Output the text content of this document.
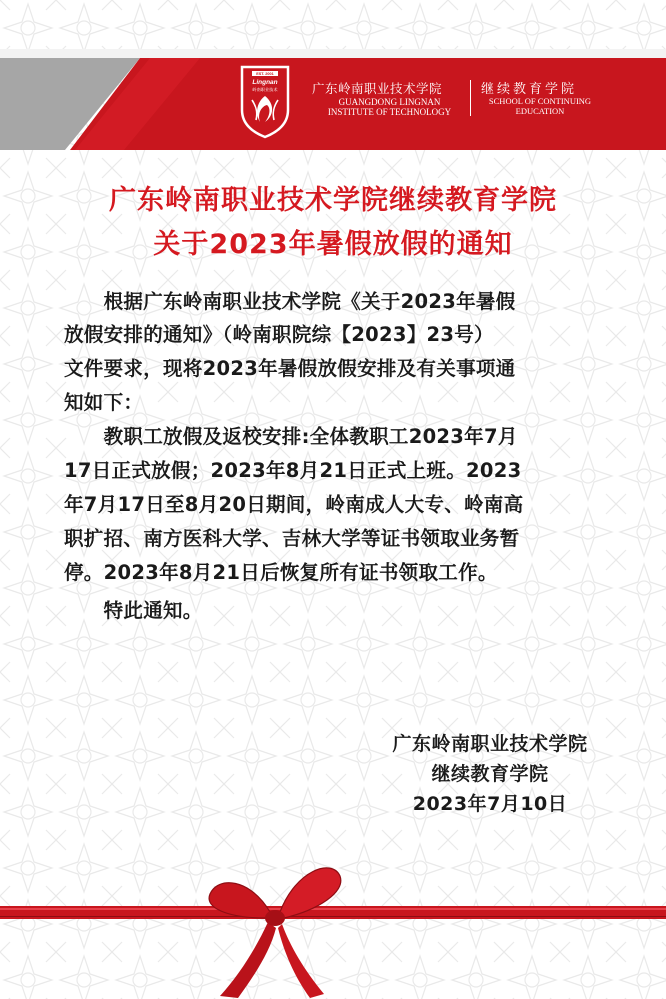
EST. 2001
Lingnan
岭南职业技术	广东岭南职业技术学院
GUANGDONG LINGNAN
INSTITUTE OF TECHNOLOGY
继续教育学院
SCHOOL OF CONTINUING
EDUCATION
广东岭南职业技术学院继续教育学院
关于2023年暑假放假的通知
　　根据广东岭南职业技术学院《关于2023年暑假
放假安排的通知》（岭南职院综【2023】23号）
文件要求，现将2023年暑假放假安排及有关事项通
知如下：
　　教职工放假及返校安排:全体教职工2023年7月
17日正式放假；2023年8月21日正式上班。2023
年7月17日至8月20日期间，岭南成人大专、岭南高
职扩招、南方医科大学、吉林大学等证书领取业务暂
停。2023年8月21日后恢复所有证书领取工作。
　　特此通知。
广东岭南职业技术学院
继续教育学院
2023年7月10日
